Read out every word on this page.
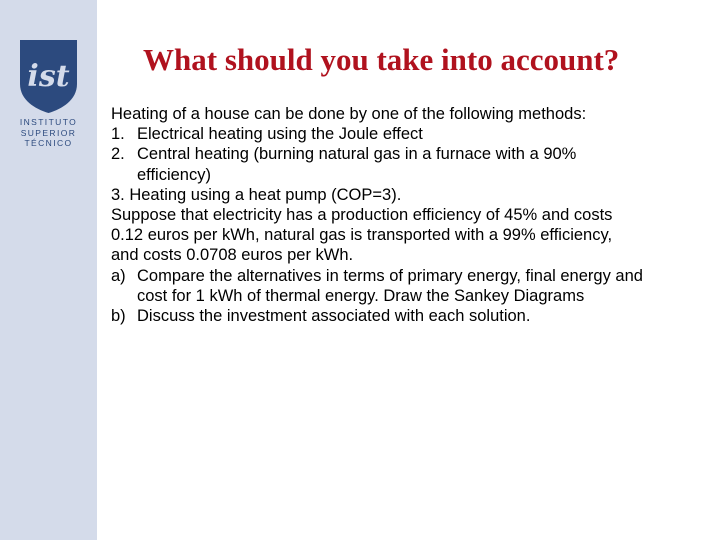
ist
INSTITUTO
SUPERIOR
TÉCNICO
What should you take into account?
Heating of a house can be done by one of the following methods:
1. Electrical heating using the Joule effect
2. Central heating (burning natural gas in a furnace with a 90%
efficiency)
3. Heating using a heat pump (COP=3).
Suppose that electricity has a production efficiency of 45% and costs
0.12 euros per kWh, natural gas is transported with a 99% efficiency,
and costs 0.0708 euros per kWh.
a) Compare the alternatives in terms of primary energy, final energy and
cost for 1 kWh of thermal energy. Draw the Sankey Diagrams
b) Discuss the investment associated with each solution.
